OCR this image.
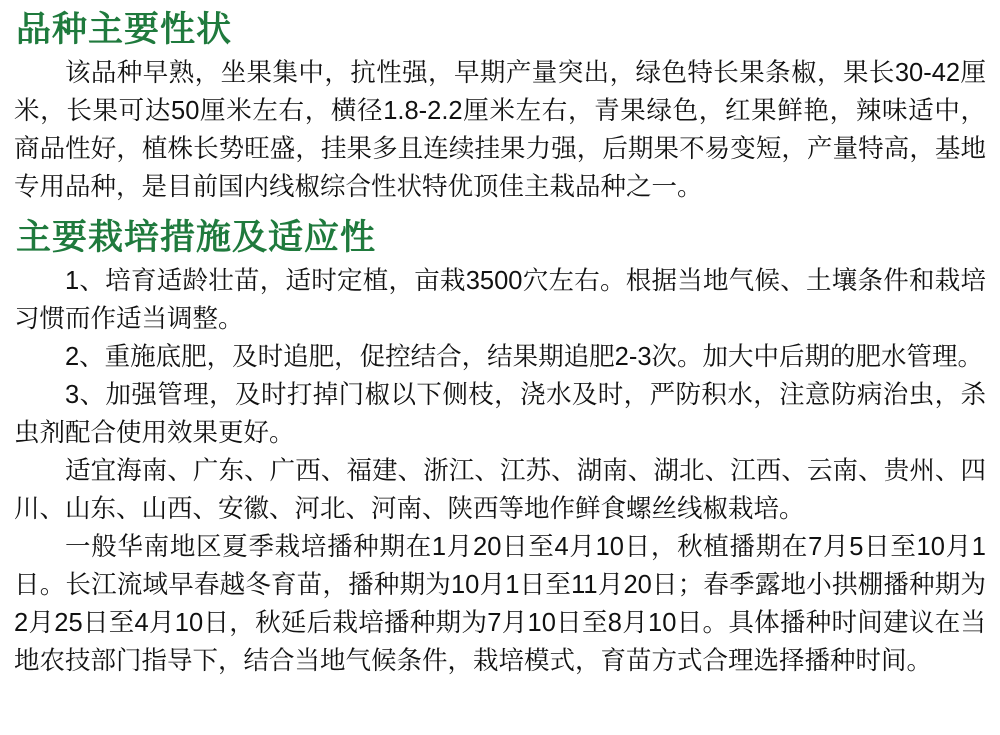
品种主要性状

该品种早熟，坐果集中，抗性强，早期产量突出，绿色特长果条椒，果长30-42厘米，长果可达50厘米左右，横径1.8-2.2厘米左右，青果绿色，红果鲜艳，辣味适中，商品性好，植株长势旺盛，挂果多且连续挂果力强，后期果不易变短，产量特高，基地专用品种，是目前国内线椒综合性状特优顶佳主栽品种之一。

主要栽培措施及适应性

1、培育适龄壮苗，适时定植，亩栽3500穴左右。根据当地气候、土壤条件和栽培习惯而作适当调整。

2、重施底肥，及时追肥，促控结合，结果期追肥2-3次。加大中后期的肥水管理。

3、加强管理，及时打掉门椒以下侧枝，浇水及时，严防积水，注意防病治虫，杀虫剂配合使用效果更好。

适宜海南、广东、广西、福建、浙江、江苏、湖南、湖北、江西、云南、贵州、四川、山东、山西、安徽、河北、河南、陕西等地作鲜食螺丝线椒栽培。

一般华南地区夏季栽培播种期在1月20日至4月10日，秋植播期在7月5日至10月1日。长江流域早春越冬育苗，播种期为10月1日至11月20日；春季露地小拱棚播种期为2月25日至4月10日，秋延后栽培播种期为7月10日至8月10日。具体播种时间建议在当地农技部门指导下，结合当地气候条件，栽培模式，育苗方式合理选择播种时间。
